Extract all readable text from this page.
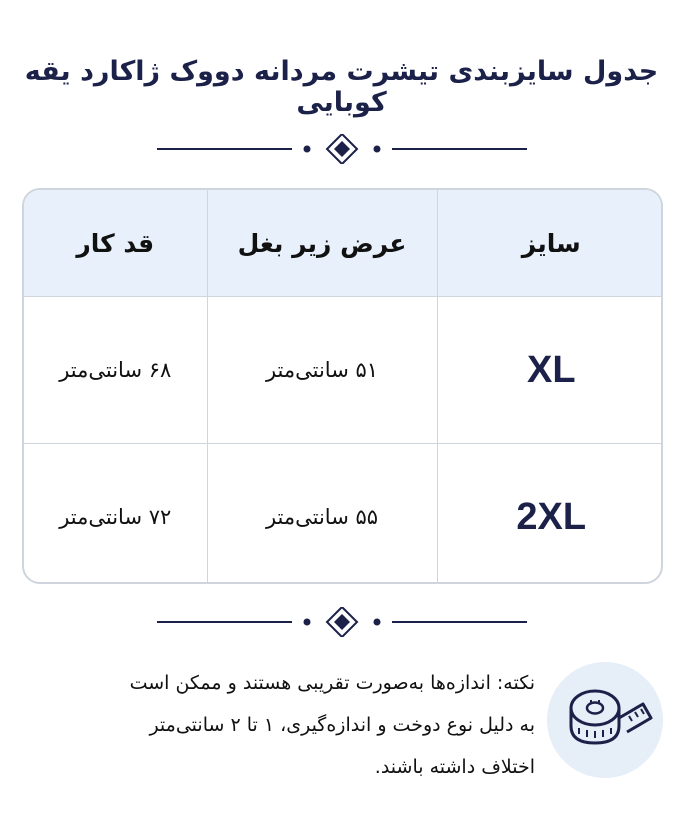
جدول سایزبندی تیشرت مردانه دووک ژاکارد یقه کوبایی
سایز	عرض زیر بغل	قد کار
XL	۵۱ سانتی‌متر	۶۸ سانتی‌متر
2XL	۵۵ سانتی‌متر	۷۲ سانتی‌متر
نکته: اندازه‌ها به‌صورت تقریبی هستند و ممکن است
به دلیل نوع دوخت و اندازه‌گیری، ۱ تا ۲ سانتی‌متر
اختلاف داشته باشند.
